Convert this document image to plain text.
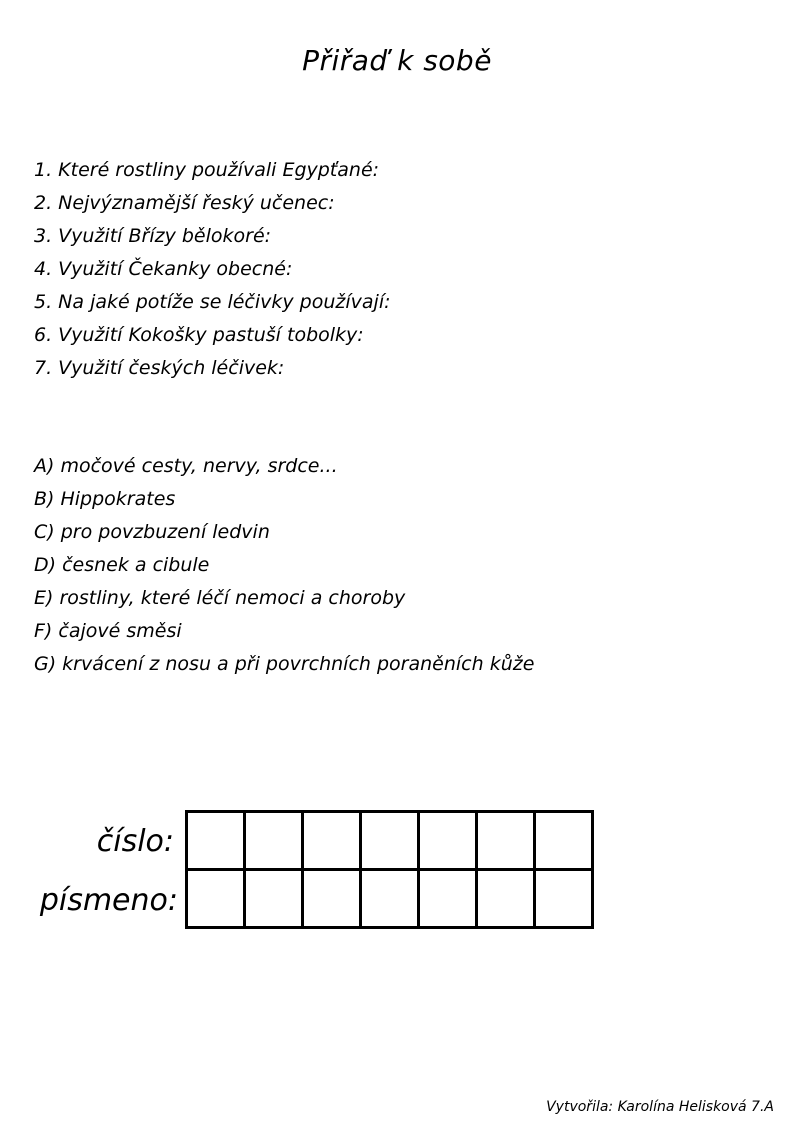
Přiřaď k sobě
1. Které rostliny používali Egypťané:
2. Nejvýznamější řeský učenec:
3. Využití Břízy bělokoré:
4. Využití Čekanky obecné:
5. Na jaké potíže se léčivky používají:
6. Využití Kokošky pastuší tobolky:
7. Využití českých léčivek:
A) močové cesty, nervy, srdce...
B) Hippokrates
C) pro povzbuzení ledvin
D) česnek a cibule
E) rostliny, které léčí nemoci a choroby
F) čajové směsi
G) krvácení z nosu a při povrchních poraněních kůže
číslo:
písmeno:

Vytvořila: Karolína Helisková 7.A
